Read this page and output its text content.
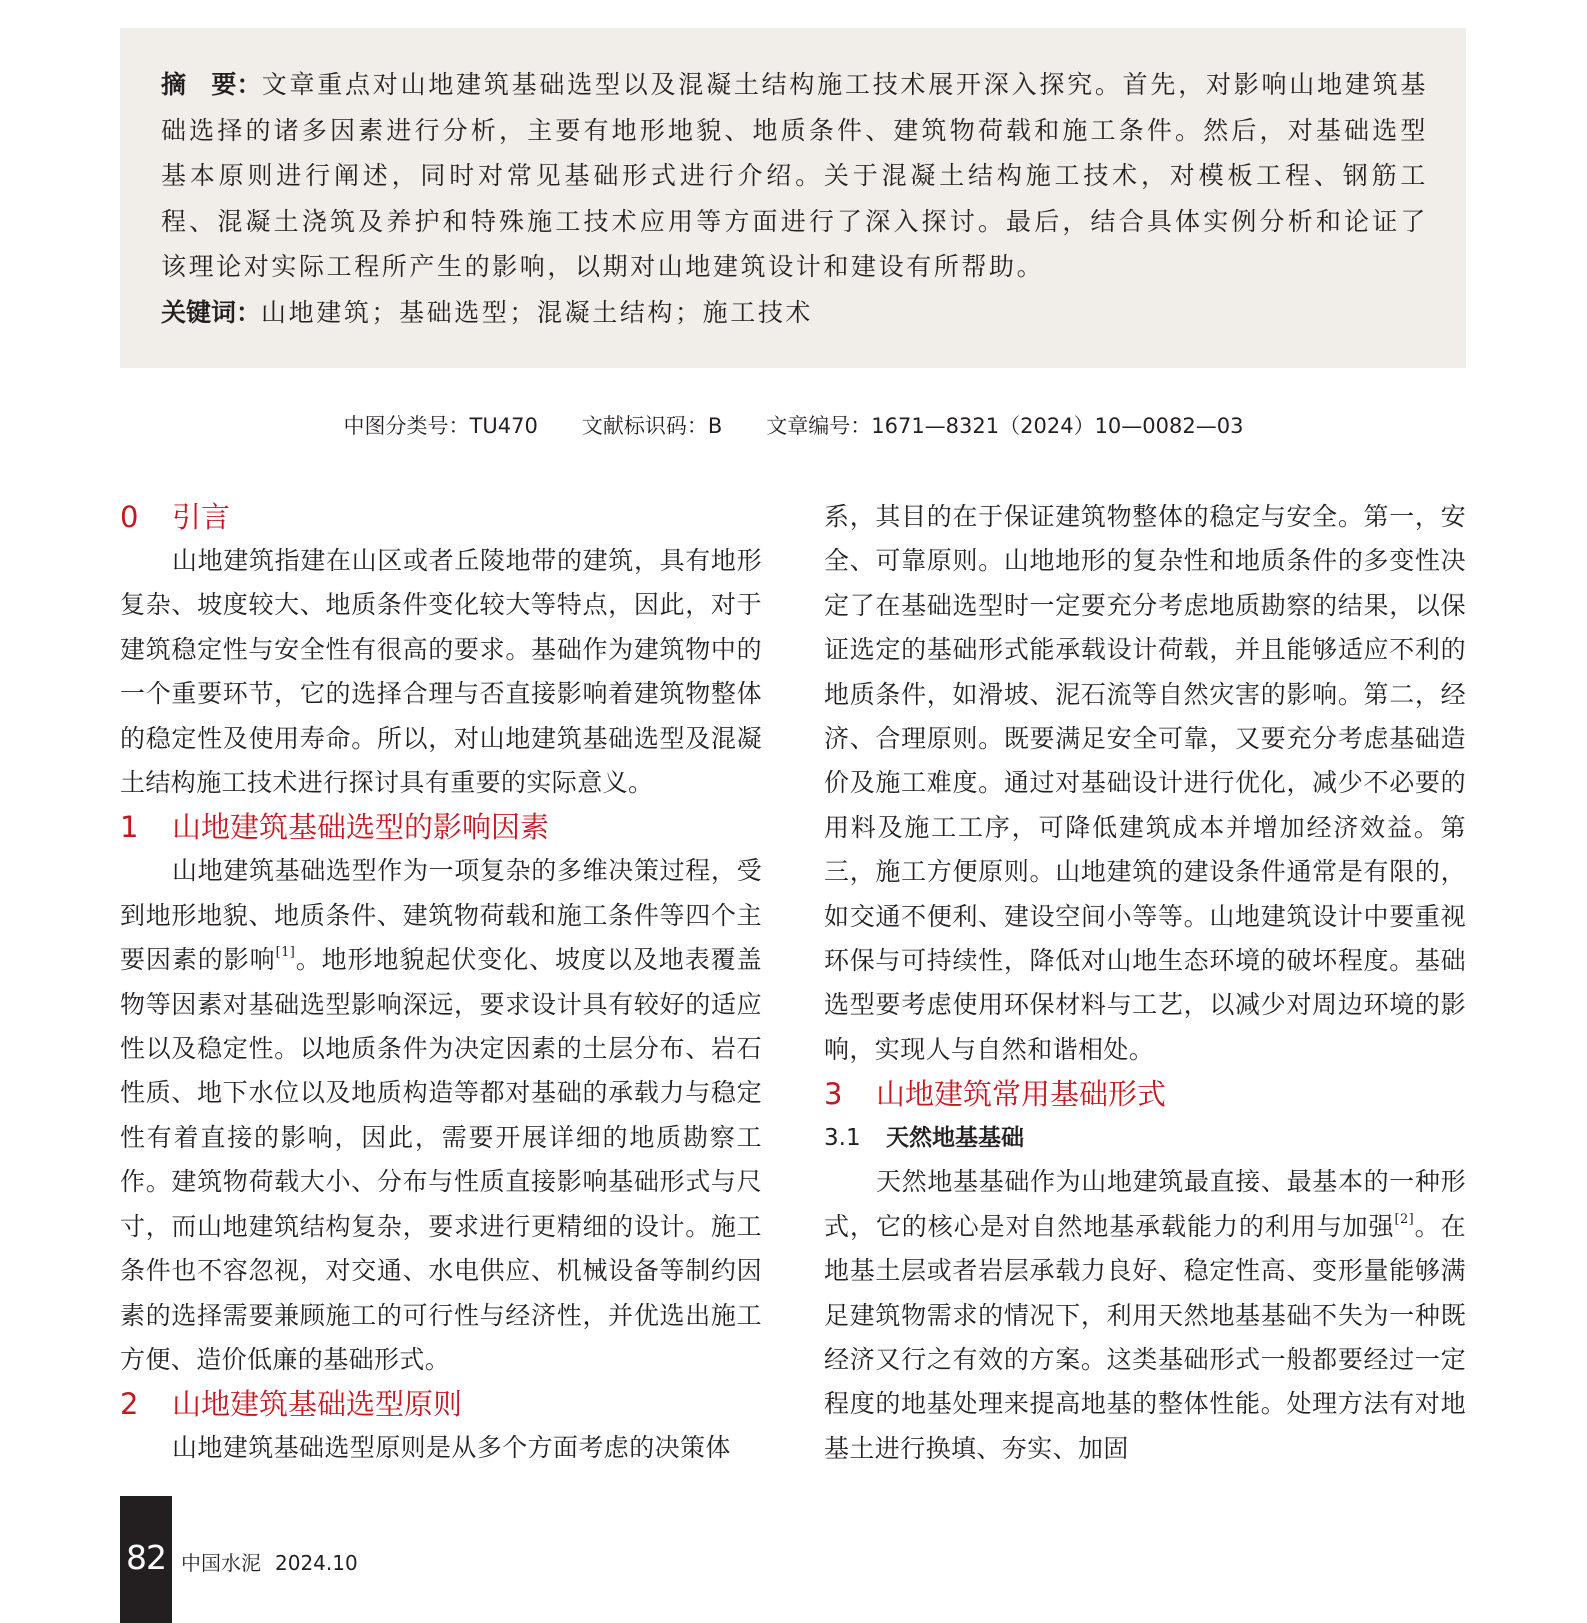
摘　要：文章重点对山地建筑基础选型以及混凝土结构施工技术展开深入探究。首先，对影响山地建筑基础选择的诸多因素进行分析，主要有地形地貌、地质条件、建筑物荷载和施工条件。然后，对基础选型基本原则进行阐述，同时对常见基础形式进行介绍。关于混凝土结构施工技术，对模板工程、钢筋工程、混凝土浇筑及养护和特殊施工技术应用等方面进行了深入探讨。最后，结合具体实例分析和论证了该理论对实际工程所产生的影响，以期对山地建筑设计和建设有所帮助。

关键词：山地建筑；基础选型；混凝土结构；施工技术

中图分类号：TU470 文献标识码：B 文章编号：1671—8321（2024）10—0082—03
0 引言

山地建筑指建在山区或者丘陵地带的建筑，具有地形复杂、坡度较大、地质条件变化较大等特点，因此，对于建筑稳定性与安全性有很高的要求。基础作为建筑物中的一个重要环节，它的选择合理与否直接影响着建筑物整体的稳定性及使用寿命。所以，对山地建筑基础选型及混凝土结构施工技术进行探讨具有重要的实际意义。

1 山地建筑基础选型的影响因素

山地建筑基础选型作为一项复杂的多维决策过程，受到地形地貌、地质条件、建筑物荷载和施工条件等四个主要因素的影响[1]。地形地貌起伏变化、坡度以及地表覆盖物等因素对基础选型影响深远，要求设计具有较好的适应性以及稳定性。以地质条件为决定因素的土层分布、岩石性质、地下水位以及地质构造等都对基础的承载力与稳定性有着直接的影响，因此，需要开展详细的地质勘察工作。建筑物荷载大小、分布与性质直接影响基础形式与尺寸，而山地建筑结构复杂，要求进行更精细的设计。施工条件也不容忽视，对交通、水电供应、机械设备等制约因素的选择需要兼顾施工的可行性与经济性，并优选出施工方便、造价低廉的基础形式。

2 山地建筑基础选型原则

山地建筑基础选型原则是从多个方面考虑的决策体

系，其目的在于保证建筑物整体的稳定与安全。第一，安全、可靠原则。山地地形的复杂性和地质条件的多变性决定了在基础选型时一定要充分考虑地质勘察的结果，以保证选定的基础形式能承载设计荷载，并且能够适应不利的地质条件，如滑坡、泥石流等自然灾害的影响。第二，经济、合理原则。既要满足安全可靠，又要充分考虑基础造价及施工难度。通过对基础设计进行优化，减少不必要的用料及施工工序，可降低建筑成本并增加经济效益。第三，施工方便原则。山地建筑的建设条件通常是有限的，如交通不便利、建设空间小等等。山地建筑设计中要重视环保与可持续性，降低对山地生态环境的破坏程度。基础选型要考虑使用环保材料与工艺，以减少对周边环境的影响，实现人与自然和谐相处。

3 山地建筑常用基础形式
3.1 天然地基基础

天然地基基础作为山地建筑最直接、最基本的一种形式，它的核心是对自然地基承载能力的利用与加强[2]。在地基土层或者岩层承载力良好、稳定性高、变形量能够满足建筑物需求的情况下，利用天然地基基础不失为一种既经济又行之有效的方案。这类基础形式一般都要经过一定程度的地基处理来提高地基的整体性能。处理方法有对地基土进行换填、夯实、加固

82 中国水泥 2024.10
